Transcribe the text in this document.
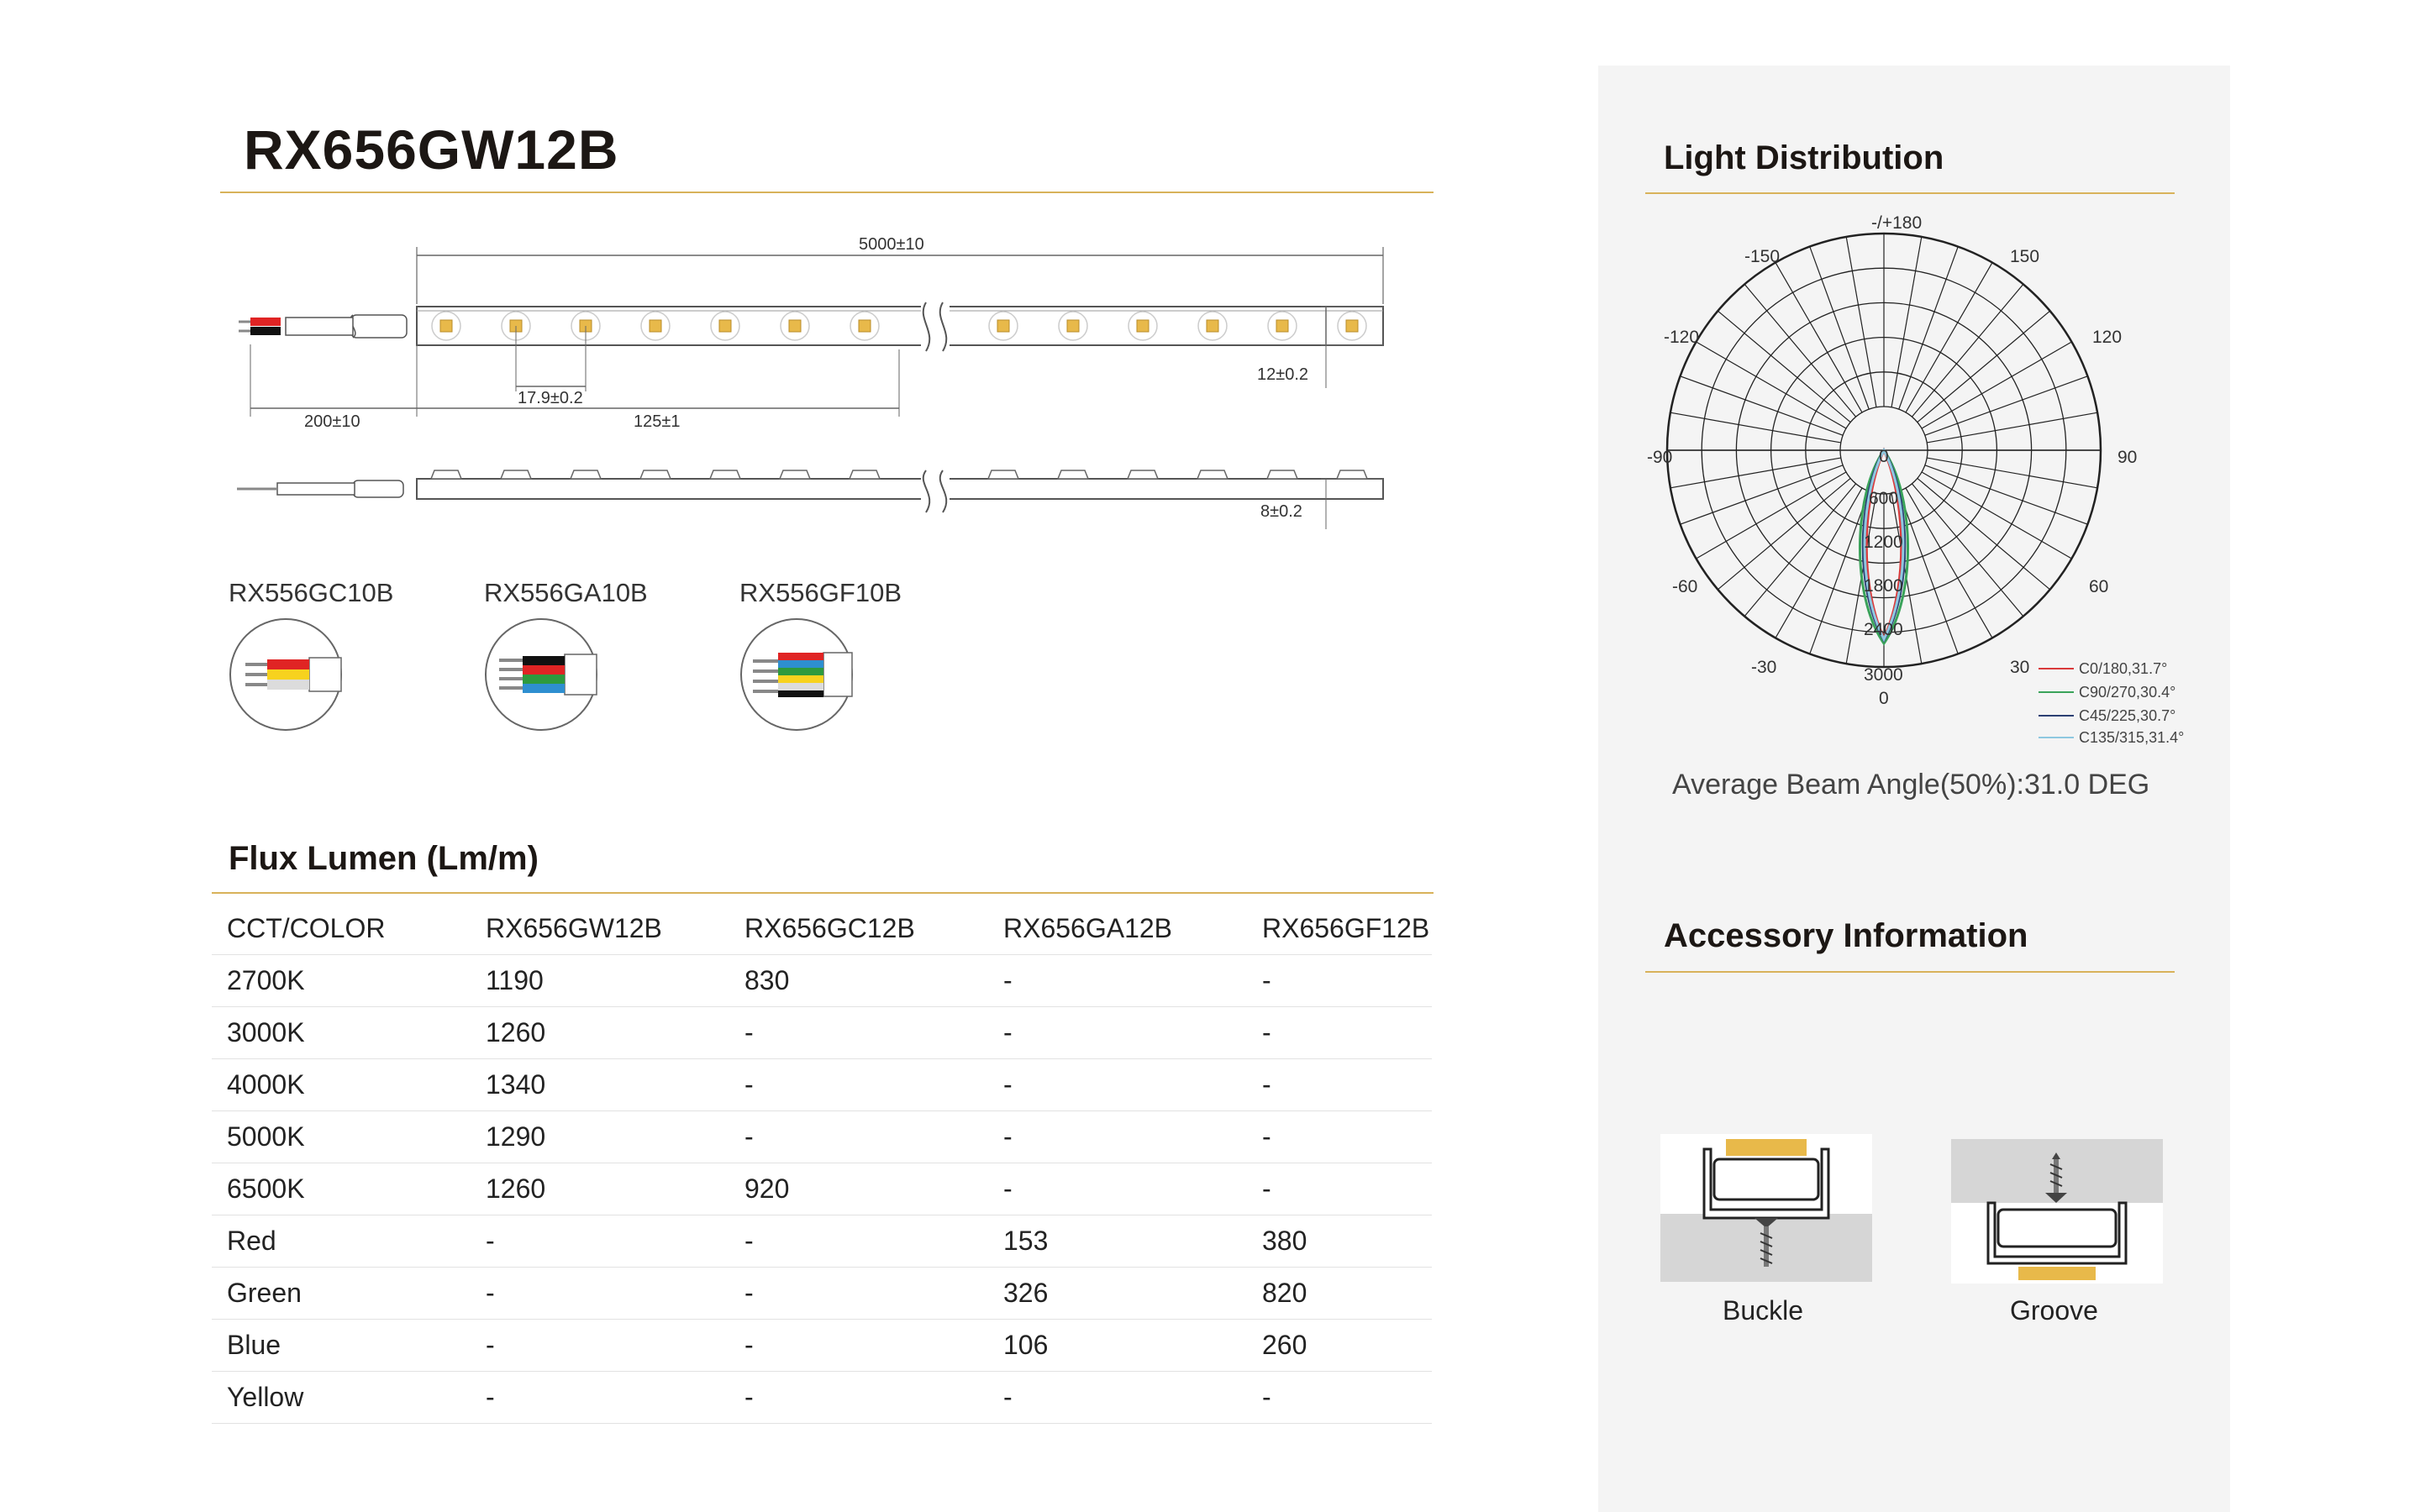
RX656GW12B
5000±10
12±0.2
17.9±0.2
200±10	125±1
8±0.2
RX556GC10B	RX556GA10B	RX556GF10B
Flux Lumen (Lm/m)
CCT/COLOR	RX656GW12B	RX656GC12B	RX656GA12B	RX656GF12B
2700K	1190	830	-	-
3000K	1260	-	-	-
4000K	1340	-	-	-
5000K	1290	-	-	-
6500K	1260	920	-	-
Red	-	-	153	380
Green	-	-	326	820
Blue	-	-	106	260
Yellow	-	-	-	-
Light Distribution
-/+180
-150	150
-120	120
-90	90
-60	60
-30	30
0
0
600
1200
1800
2400
3000	C0/180,31.7°
C90/270,30.4°
C45/225,30.7°
C135/315,31.4°
Average Beam Angle(50%):31.0 DEG
Accessory Information
Buckle	Groove
